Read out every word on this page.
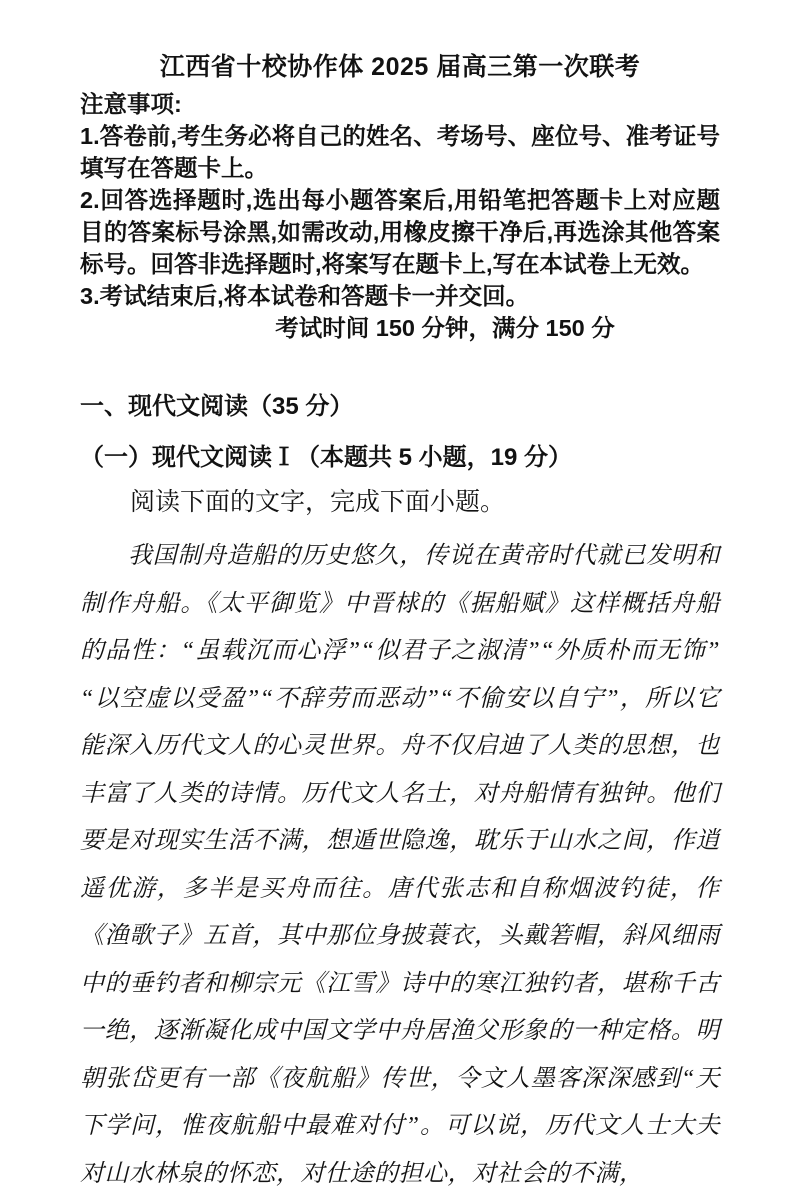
江西省十校协作体 2025 届高三第一次联考

注意事项:

1.答卷前,考生务必将自己的姓名、考场号、座位号、准考证号填写在答题卡上。

2.回答选择题时,选出每小题答案后,用铅笔把答题卡上对应题目的答案标号涂黑,如需改动,用橡皮擦干净后,再选涂其他答案标号。回答非选择题时,将案写在题卡上,写在本试卷上无效。

3.考试结束后,将本试卷和答题卡一并交回。

考试时间 150 分钟，满分 150 分

一、现代文阅读（35 分）
（一）现代文阅读Ⅰ（本题共 5 小题，19 分）

阅读下面的文字，完成下面小题。

我国制舟造船的历史悠久，传说在黄帝时代就已发明和制作舟船。《太平御览》中晋梂的《据船赋》这样概括舟船的品性：“虽载沉而心浮”“似君子之淑清”“外质朴而无饰”“以空虚以受盈”“不辞劳而恶动”“不偷安以自宁”，所以它能深入历代文人的心灵世界。舟不仅启迪了人类的思想，也丰富了人类的诗情。历代文人名士，对舟船情有独钟。他们要是对现实生活不满，想遁世隐逸，耽乐于山水之间，作逍遥优游，多半是买舟而往。唐代张志和自称烟波钓徒，作《渔歌子》五首，其中那位身披蓑衣，头戴箬帽，斜风细雨中的垂钓者和柳宗元《江雪》诗中的寒江独钓者，堪称千古一绝，逐渐凝化成中国文学中舟居渔父形象的一种定格。明朝张岱更有一部《夜航船》传世，令文人墨客深深感到“天下学问，惟夜航船中最难对付”。可以说，历代文人士大夫对山水林泉的怀恋，对仕途的担心，对社会的不满，
